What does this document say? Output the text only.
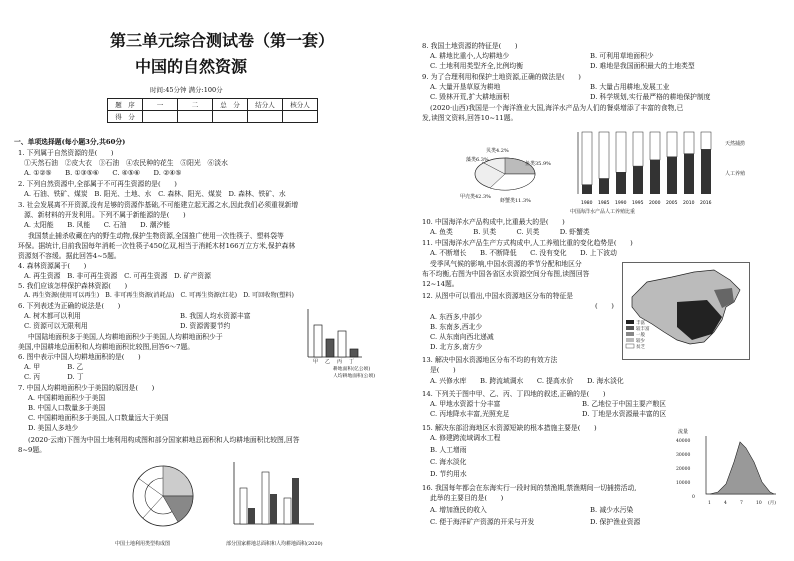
第三单元综合测试卷（第一套）
中国的自然资源
时间:45分钟 满分:100分
题　序	一	二	总　分	结分人	核分人
得　分					
一、单项选择题(每小题3分,共60分)
1. 下列属于自然资源的是(　　)
①天然石油　②皮大衣　③石油　④农民种的花生　⑤阳光　⑥淡水
A. ①②⑤　　B. ①③⑤⑥　　C. ④⑤⑥　　D. ②④⑤
2. 下列自然资源中,全部属于不可再生资源的是(　　)
A. 石油、铁矿、煤炭　B. 阳光、土地、水　C. 森林、阳光、煤炭　D. 森林、铁矿、水
3. 社会发展离不开资源,没有足够的资源作基础,不可能建立起无源之水,因此我们必须重视新增
源、新材料的开发利用。下列不属于新能源的是(　　)
A. 太阳能　　B. 风能　　C. 石油　　D. 潮汐能
我国禁止捕杀收藏在内的野生动物,保护生物资源,全国推广使用一次性筷子、塑料袋等
环保。据统计,目前我国每年消耗一次性筷子450亿双,相当于消耗木材166万立方米,保护森林
资源刻不容缓。据此回答4~5题。
4. 森林资源属于(　　)
A. 再生资源　B. 非可再生资源　C. 可再生资源　D. 矿产资源
5. 我们应该怎样保护森林资源(　　)
A. 再生资源(使用可以再生)　B. 非可再生资源(消耗品)　C. 可再生资源(红花)　D. 可回收物(塑料)
6. 下列表述为正确的说法是(　　)
A. 树木都可以利用	B. 我国人均水资源丰富
C. 资源可以无限利用	D. 资源需要节约
中国陆地面积多于美国,人均耕地面积少于美国,人均耕地面积少于
美国,中国耕地总面积和人均耕地面积比较图,回答6～7题。
6. 图中表示中国人均耕地面积的是(　　)
A. 甲　　　　B. 乙
C. 丙　　　　D. 丁
7. 中国人均耕地面积少于美国的原因是(　　)
A. 中国耕地面积少于美国
B. 中国人口数量多于美国
C. 中国耕地面积多于美国,人口数量远大于美国
D. 美国人多地少
(2020·云南)下图为中国土地利用构成图和部分国家耕地总面积和人均耕地面积比较图,回答
8~9题。
甲 乙 丙 丁
耕地面积(亿公顷)
人均耕地面积(公顷)
中国土地利用类型构成图	部分国家耕地总面积和人均耕地面积(2020)
8. 我国土地资源的特征是(　　)
A. 耕地比重小,人均耕地少	B. 可利用草地面积少
C. 土地利用类型齐全,比例均衡	D. 难地是我国面积最大的土地类型
9. 为了合理利用和保护土地资源,正确的做法是(　　)
A. 大量开垦草原为耕地	B. 大量占用耕地,发展工业
C. 毁林开荒,扩大耕地面积	D. 科学规划,实行最严格的耕地保护制度
(2020·山西)我国是一个海洋渔业大国,海洋水产品为人们的餐桌增添了丰富的食物,已
发,读图文资料,回答10~11题。
藻类6.3%
贝类4.2%
鱼类35.9%
甲壳类42.3%
虾蟹类11.3%	1980 1985 1990 1995 2000 2005 2010 2016
中国海洋水产品人工养殖比重
天然捕捞
人工养殖
10. 中国海洋水产品构成中,比重最大的是(　　)
A. 鱼类　　　B. 贝类　　　C. 贝类　　　D. 虾蟹类
11. 中国海洋水产品生产方式构成中,人工养殖比重的变化趋势是(　　)
A. 不断增长　　B. 不断降低　　C. 没有变化　　D. 上下波动
受季风气候的影响,中国水资源的季节分配和地区分
布不均衡,右图为中国各省区水资源空间分布图,读图回答
12~14题。
12. 从图中可以看出,中国水资源地区分布的特征是
(　　)
A. 东西多,中部少
B. 东南多,西北少
C. 从东南向西北递减
D. 北方多,南方少
13. 解决中国水资源地区分布不均的有效方法
是(　　)
A. 兴修水库　　B. 跨流域调水　　C. 提高水价　　D. 海水淡化
14. 下列关于图中甲、乙、丙、丁四地的叙述,正确的是(　　)
A. 甲地水资源十分丰富	B. 乙地位于中国主要产粮区
C. 丙地降水丰富,光照充足	D. 丁地是水资源最丰富的区
15. 解决东部沿海地区水资源短缺的根本措施主要是(　　)
A. 修建跨流域调水工程
B. 人工增雨
C. 海水淡化
D. 节约用水
16. 我国每年都会在东海实行一段时间的禁渔期,禁渔期间一切捕捞活动,
此举的主要目的是(　　)
A. 增加渔民的收入	B. 减少水污染
C. 便于海洋矿产资源的开采与开发	D. 保护渔业资源
丰富
较丰富
一般
较少
贫乏
流量
40000
30000
20000
10000
0
1	4	7	10 (月)
